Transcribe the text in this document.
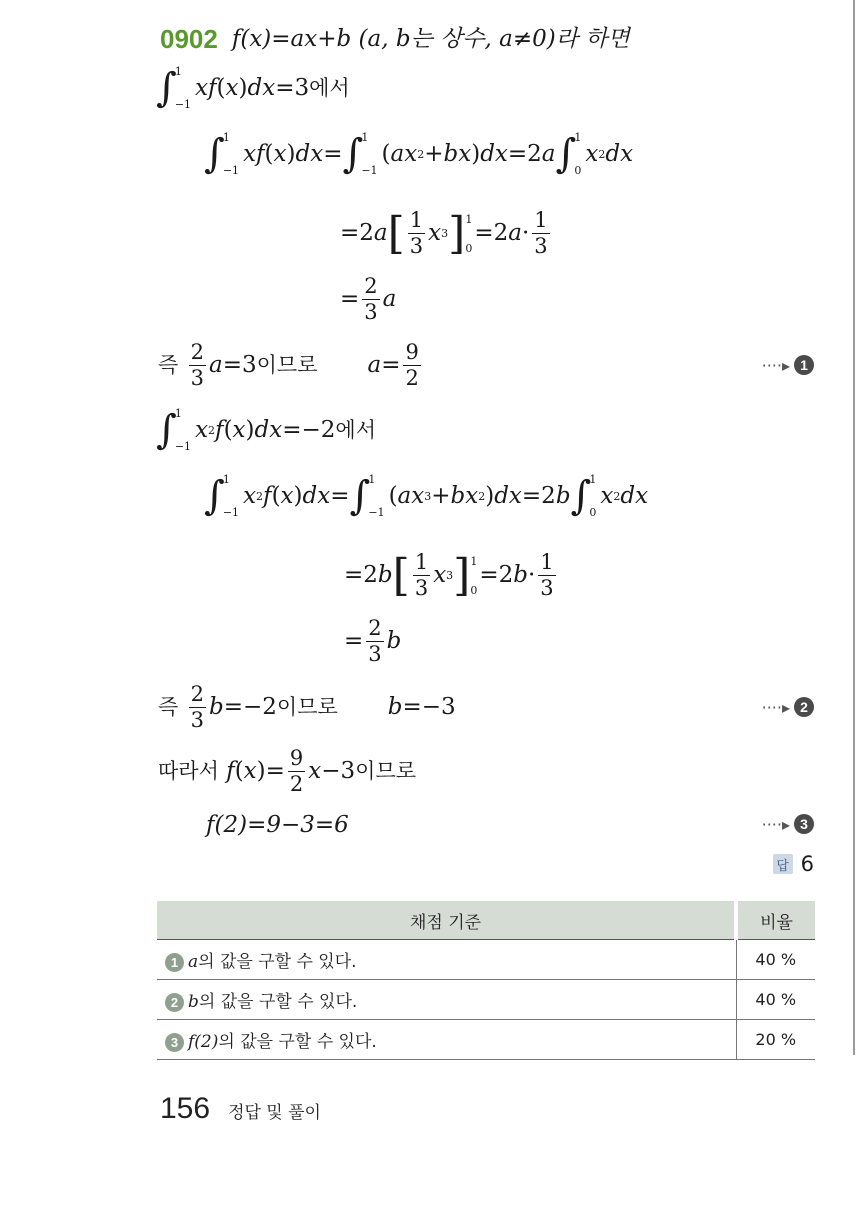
0902 f(x)=ax+b (a, b는 상수, a≠0)라 하면
∫
1
−1
xf ( x ) dx =3 에서
∫
1
−1
xf ( x ) dx = ∫
1
−1
( ax 2 + bx ) dx =2 a ∫
1
0
x 2 dx
=2 a [ $\frac{1}{3}$ x 3 ] 1
0
=2 $a \cdot \frac{1}{3}$
= $\frac{2}{3}$ a
즉
$\frac{2}{3}$ a =3 이므로 $a = \frac{9}{2}$	····▸ 1
∫
1
−1
x 2 f ( x ) dx =−2 에서
∫
1
−1
x 2 f ( x ) dx = ∫
1
−1
( ax 3 + bx 2 ) dx =2 b ∫
1
0
x 2 dx
=2 b [ $\frac{1}{3}$ x 3 ] 1
0
=2 $b \cdot \frac{1}{3}$
= $\frac{2}{3}$ b
즉
$\frac{2}{3}$ b =−2 이므로 b =−3	····▸ 2
따라서
f ( x )= $\frac{9}{2}$ x −3 이므로
f(2)=9−3=6	····▸ 3
답 6
채점 기준	비율
1 a의 값을 구할 수 있다.	40 %
2 b의 값을 구할 수 있다.	40 %
3 f(2)의 값을 구할 수 있다.	20 %
156 정답 및 풀이
